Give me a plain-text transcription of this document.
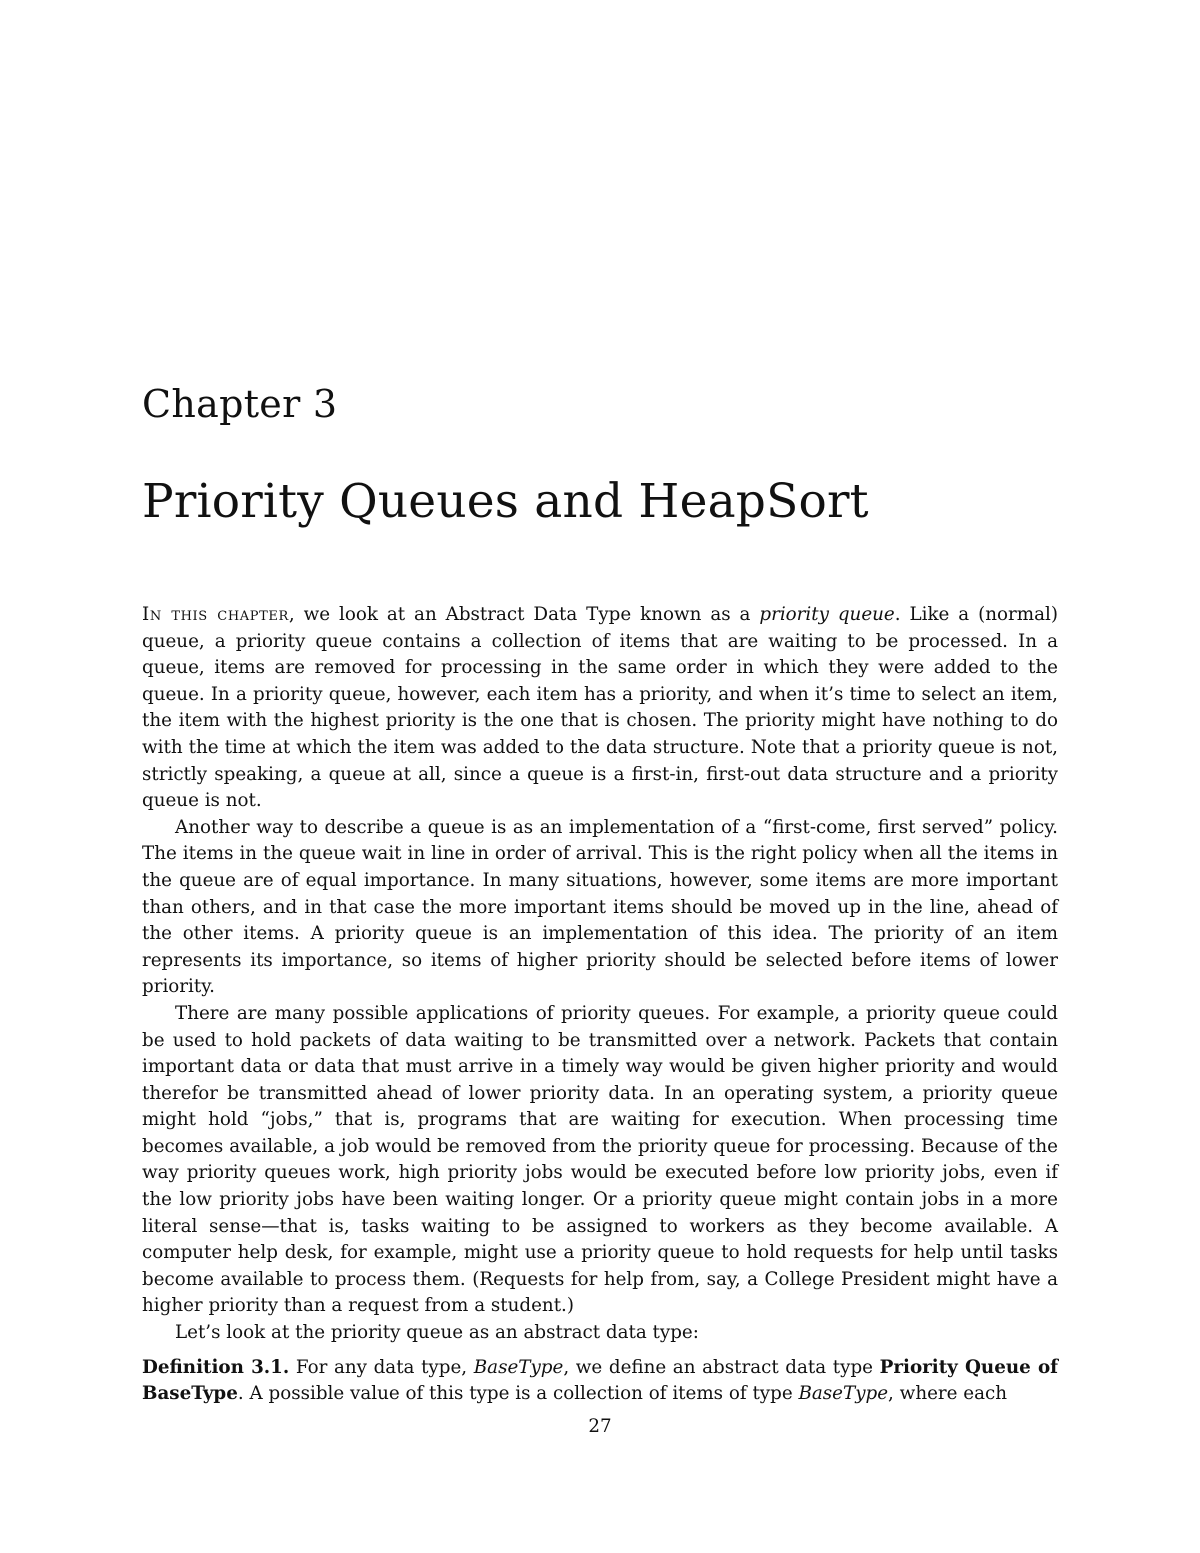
Chapter 3
Priority Queues and HeapSort

In this chapter, we look at an Abstract Data Type known as a priority queue. Like a (normal) queue, a priority queue contains a collection of items that are waiting to be processed. In a queue, items are removed for processing in the same order in which they were added to the queue. In a priority queue, however, each item has a priority, and when it’s time to select an item, the item with the highest priority is the one that is chosen. The priority might have nothing to do with the time at which the item was added to the data structure. Note that a priority queue is not, strictly speaking, a queue at all, since a queue is a first-in, first-out data structure and a priority queue is not.

Another way to describe a queue is as an implementation of a “first-come, first served” policy. The items in the queue wait in line in order of arrival. This is the right policy when all the items in the queue are of equal importance. In many situations, however, some items are more important than others, and in that case the more important items should be moved up in the line, ahead of the other items. A priority queue is an implementation of this idea. The priority of an item represents its importance, so items of higher priority should be selected before items of lower priority.

There are many possible applications of priority queues. For example, a priority queue could be used to hold packets of data waiting to be transmitted over a network. Packets that contain important data or data that must arrive in a timely way would be given higher priority and would therefor be transmitted ahead of lower priority data. In an operating system, a priority queue might hold “jobs,” that is, programs that are waiting for execution. When processing time becomes available, a job would be removed from the priority queue for processing. Because of the way priority queues work, high priority jobs would be executed before low priority jobs, even if the low priority jobs have been waiting longer. Or a priority queue might contain jobs in a more literal sense—that is, tasks waiting to be assigned to workers as they become available. A computer help desk, for example, might use a priority queue to hold requests for help until tasks become available to process them. (Requests for help from, say, a College President might have a higher priority than a request from a student.)

Let’s look at the priority queue as an abstract data type:

Definition 3.1. For any data type, BaseType, we define an abstract data type Priority Queue of BaseType. A possible value of this type is a collection of items of type BaseType, where each

27
